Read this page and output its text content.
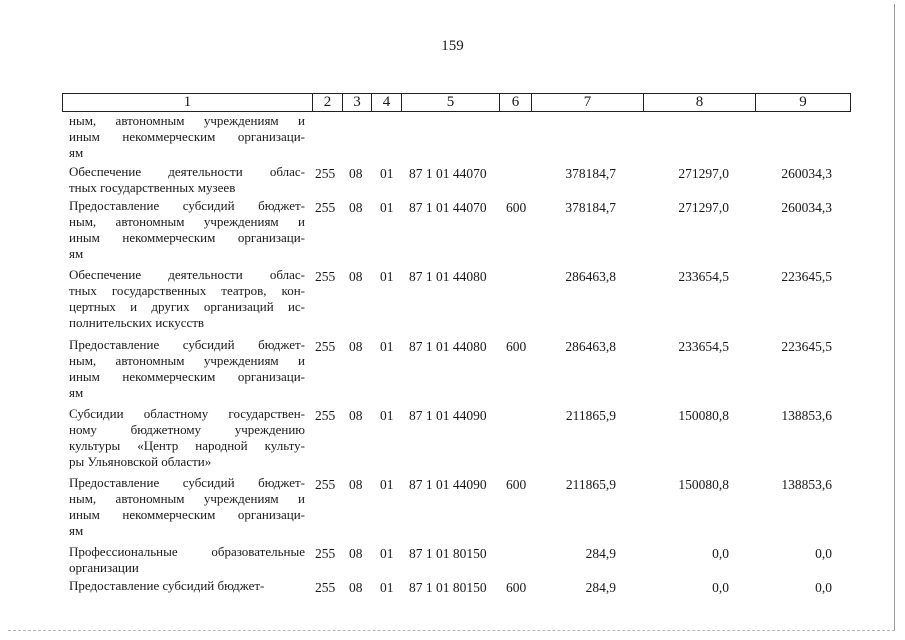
159
1	2	3	4	5	6	7	8	9
ным, автономным учреждениям и
иным некоммерческим организаци-
ям
Обеспечение деятельности облас-
тных государственных музеев
255 08 01 87 1 01 44070	378184,7	271297,0	260034,3
Предоставление субсидий бюджет-
ным, автономным учреждениям и
иным некоммерческим организаци-
ям
255 08 01 87 1 01 44070 600	378184,7	271297,0	260034,3
Обеспечение деятельности облас-
тных государственных театров, кон-
цертных и других организаций ис-
полнительских искусств
255 08 01 87 1 01 44080	286463,8	233654,5	223645,5
Предоставление субсидий бюджет-
ным, автономным учреждениям и
иным некоммерческим организаци-
ям
255 08 01 87 1 01 44080 600	286463,8	233654,5	223645,5
Субсидии областному государствен-
ному бюджетному учреждению
культуры «Центр народной культу-
ры Ульяновской области»
255 08 01 87 1 01 44090	211865,9	150080,8	138853,6
Предоставление субсидий бюджет-
ным, автономным учреждениям и
иным некоммерческим организаци-
ям
255 08 01 87 1 01 44090 600	211865,9	150080,8	138853,6
Профессиональные образовательные
организации
255 08 01 87 1 01 80150	284,9	0,0	0,0
Предоставление субсидий бюджет-	255 08 01 87 1 01 80150 600	284,9	0,0	0,0
